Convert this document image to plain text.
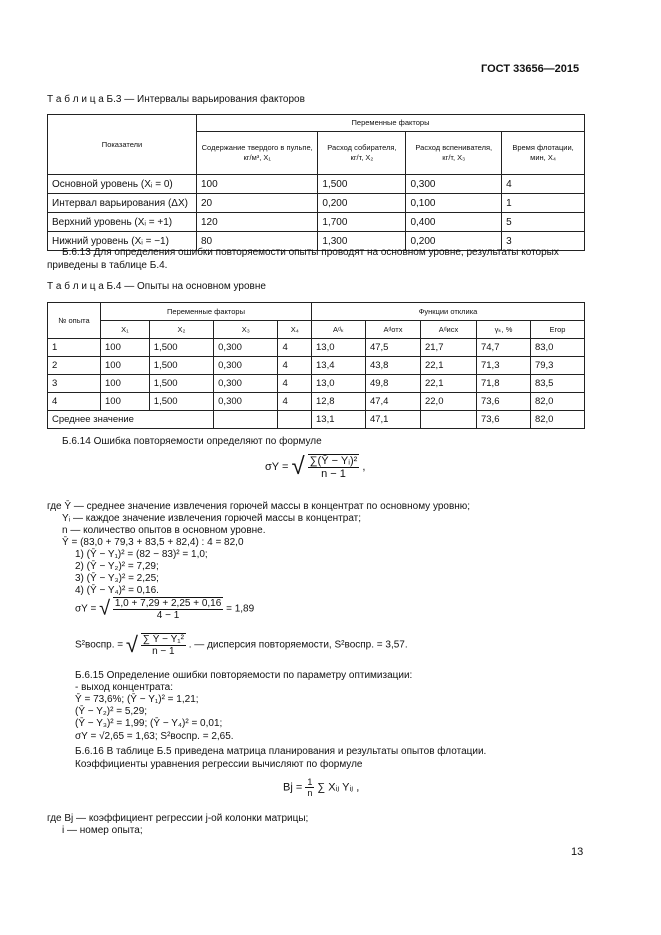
ГОСТ 33656—2015
Т а б л и ц а Б.3 — Интервалы варьирования факторов
Показатели	Переменные факторы			
	Содержание твердого в пульпе, кг/м³, X₁	Расход собирателя, кг/т, X₂	Расход вспенивателя, кг/т, X₃	Время флотации, мин, X₄
Основной уровень (Xᵢ = 0)	100	1,500	0,300	4
Интервал варьирования (ΔX)	20	0,200	0,100	1
Верхний уровень (Xᵢ = +1)	120	1,700	0,400	5
Нижний уровень (Xᵢ = −1)	80	1,300	0,200	3
Б.6.13 Для определения ошибки повторяемости опыты проводят на основном уровне, результаты которых
приведены в таблице Б.4.
Т а б л и ц а Б.4 — Опыты на основном уровне
№ опыта	Переменные факторы				Функции отклика				
	X₁	X₂	X₃	X₄	Aᵈₖ	Aᵈотх	Aᵈисх	γₖ, %	Eгор
1	100	1,500	0,300	4	13,0	47,5	21,7	74,7	83,0
2	100	1,500	0,300	4	13,4	43,8	22,1	71,3	79,3
3	100	1,500	0,300	4	13,0	49,8	22,1	71,8	83,5
4	100	1,500	0,300	4	12,8	47,4	22,0	73,6	82,0
Среднее значение					13,1	47,1		73,6	82,0
Б.6.14 Ошибка повторяемости определяют по формуле
σY = √ $\frac{\text{∑(Ȳ − Yᵢ)²}}{n - 1}$ ,
где Ȳ — среднее значение извлечения горючей массы в концентрат по основному уровню;
Yᵢ — каждое значение извлечения горючей массы в концентрат;
n — количество опытов в основном уровне.
Ȳ = (83,0 + 79,3 + 83,5 + 82,4) : 4 = 82,0
1) (Ȳ − Y₁)² = (82 − 83)² = 1,0;
2) (Ȳ − Y₂)² = 7,29;
3) (Ȳ − Y₃)² = 2,25;
4) (Ȳ − Y₄)² = 0,16.
σY = √ $\frac{1,0 + 7,29 + 2,25 + 0,16}{4 - 1} = 1,89$
S²воспр. = √ $\frac{\text{∑ Ȳ − Y₁²}}{n - 1}$ . — дисперсия повторяемости, S²воспр. = 3,57.
Б.6.15 Определение ошибки повторяемости по параметру оптимизации:
- выход концентрата:
Ȳ = 73,6%; (Ȳ − Y₁)² = 1,21;
(Ȳ − Y₂)² = 5,29;
(Ȳ − Y₃)² = 1,99; (Ȳ − Y₄)² = 0,01;
σY = √2,65 = 1,63; S²воспр. = 2,65.
Б.6.16 В таблице Б.5 приведена матрица планирования и результаты опытов флотации.
Коэффициенты уравнения регрессии вычисляют по формуле
$Bj = \frac{1}{n}$ ∑ Xᵢⱼ Yᵢⱼ ,
где Bj — коэффициент регрессии j-ой колонки матрицы;
i — номер опыта;
13
